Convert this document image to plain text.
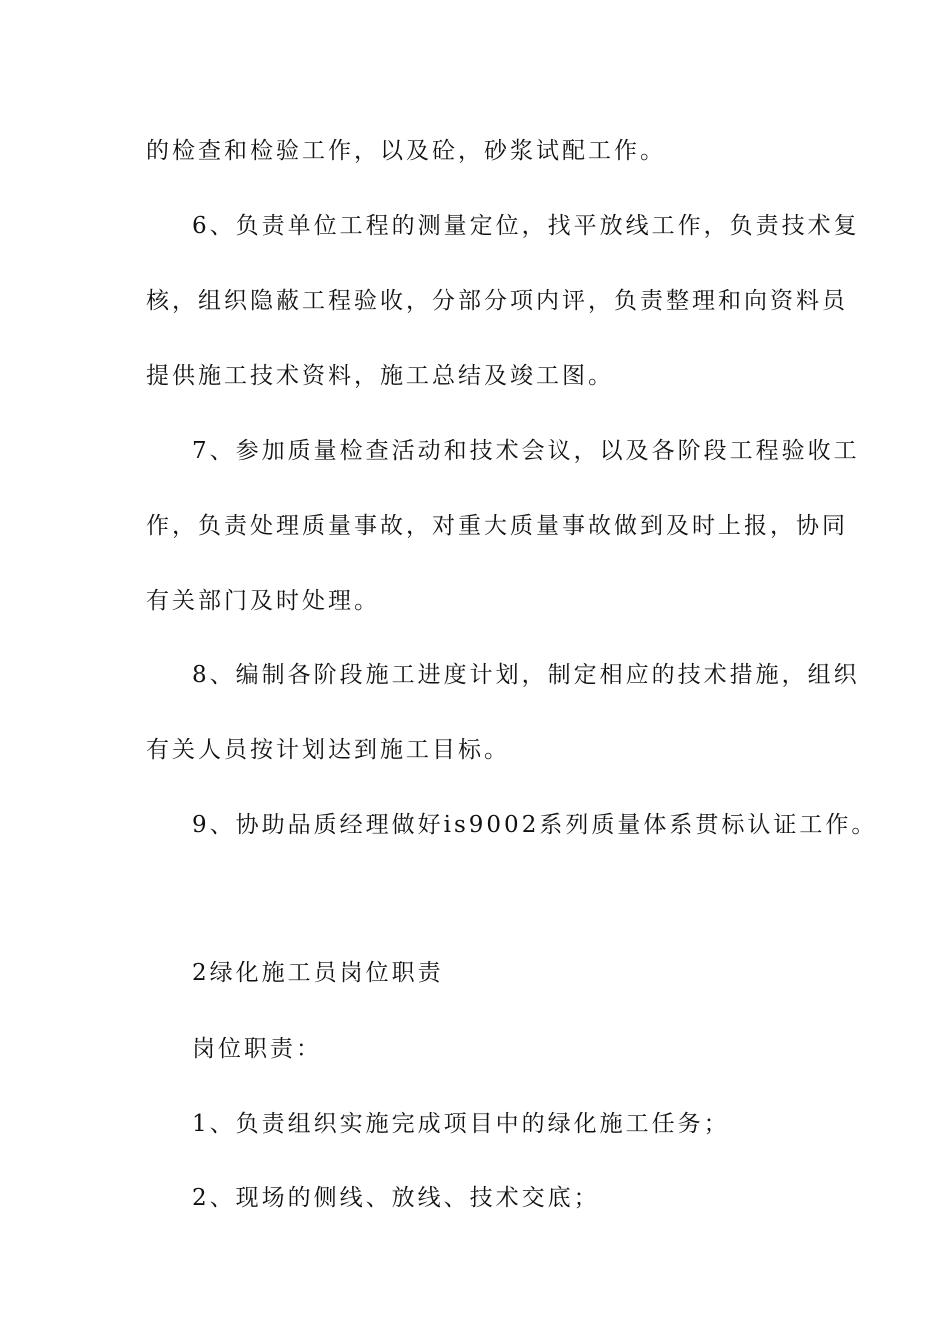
的检查和检验工作，以及砼，砂浆试配工作。
6、负责单位工程的测量定位，找平放线工作，负责技术复
核，组织隐蔽工程验收，分部分项内评，负责整理和向资料员
提供施工技术资料，施工总结及竣工图。
7、参加质量检查活动和技术会议，以及各阶段工程验收工
作，负责处理质量事故，对重大质量事故做到及时上报，协同
有关部门及时处理。
8、编制各阶段施工进度计划，制定相应的技术措施，组织
有关人员按计划达到施工目标。
9、协助品质经理做好is9002系列质量体系贯标认证工作。
2绿化施工员岗位职责
岗位职责：
1、负责组织实施完成项目中的绿化施工任务；
2、现场的侧线、放线、技术交底；
